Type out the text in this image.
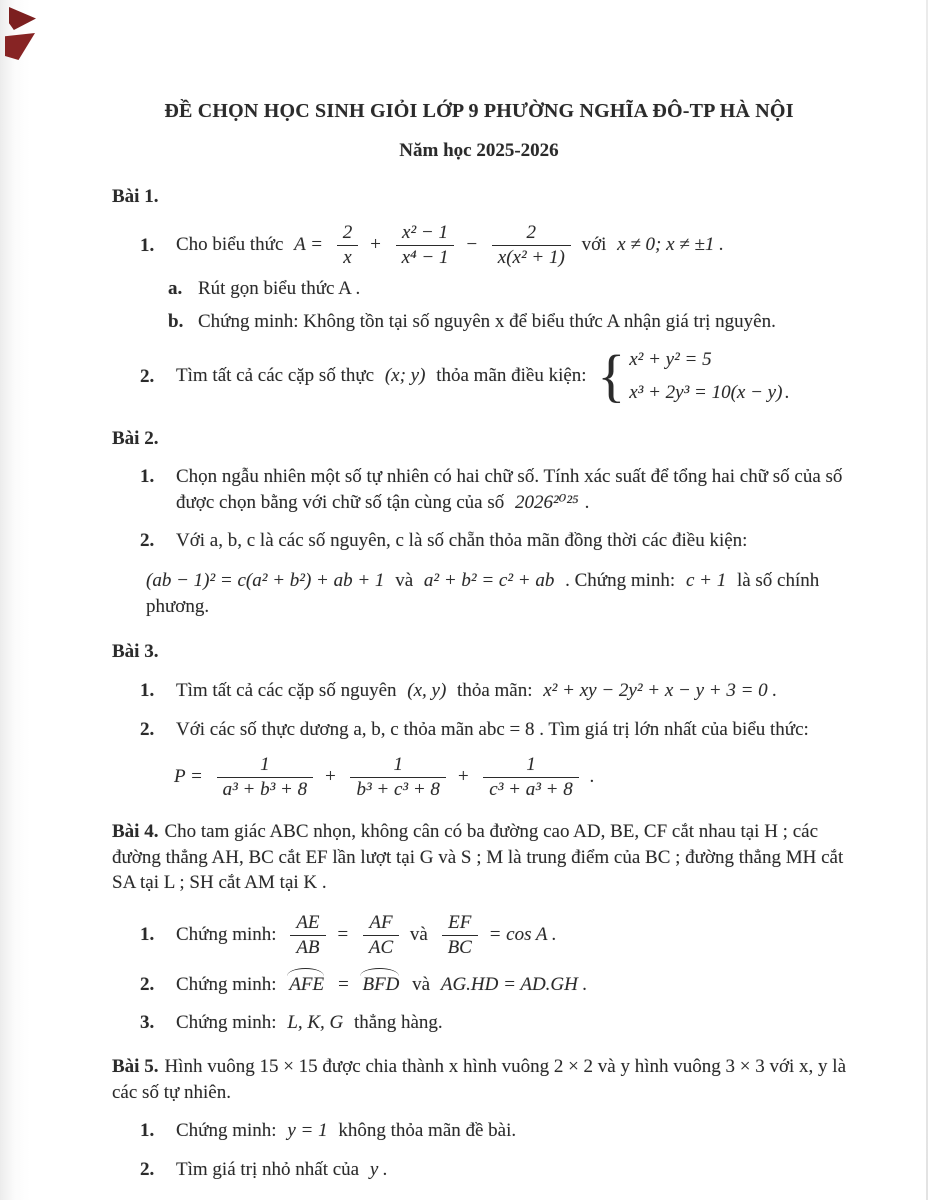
ĐỀ CHỌN HỌC SINH GIỎI LỚP 9 PHƯỜNG NGHĨA ĐÔ-TP HÀ NỘI
Năm học 2025-2026
Bài 1.
1.	Cho biểu thức $A = \frac{2}{x} + \frac{\text{x² − 1}}{\text{x⁴ − 1}} - \frac{2}{\text{x(x² + 1)}}$ với x ≠ 0; x ≠ ±1 .
a. Rút gọn biểu thức A .
b. Chứng minh: Không tồn tại số nguyên x để biểu thức A nhận giá trị nguyên.
2.	Tìm tất cả các cặp số thực (x; y) thỏa mãn điều kiện: { x² + y² = 5
x³ + 2y³ = 10(x − y) .
Bài 2.
1.	Chọn ngẫu nhiên một số tự nhiên có hai chữ số. Tính xác suất để tổng hai chữ số của số được chọn bằng với chữ số tận cùng của số 2026²⁰²⁵ .
2.	Với a, b, c là các số nguyên, c là số chẵn thỏa mãn đồng thời các điều kiện:
(ab − 1)² = c(a² + b²) + ab + 1 và a² + b² = c² + ab . Chứng minh: c + 1 là số chính phương.
Bài 3.
1.	Tìm tất cả các cặp số nguyên (x, y) thỏa mãn: x² + xy − 2y² + x − y + 3 = 0 .
2.	Với các số thực dương a, b, c thỏa mãn abc = 8 . Tìm giá trị lớn nhất của biểu thức:
$P = \frac{1}{\text{a³ + b³ + 8}} + \frac{1}{\text{b³ + c³ + 8}} + \frac{1}{\text{c³ + a³ + 8}}$ .

Bài 4. Cho tam giác ABC nhọn, không cân có ba đường cao AD, BE, CF cắt nhau tại H ; các đường thẳng AH, BC cắt EF lần lượt tại G và S ; M là trung điểm của BC ; đường thẳng MH cắt SA tại L ; SH cắt AM tại K .

1.	Chứng minh: $\frac{AE}{AB} = \frac{AF}{AC}$ và $\frac{EF}{BC} = \cos A$ .
2.	Chứng minh: AFE = BFD và AG.HD = AD.GH .
3.	Chứng minh: L, K, G thẳng hàng.

Bài 5. Hình vuông 15 × 15 được chia thành x hình vuông 2 × 2 và y hình vuông 3 × 3 với x, y là các số tự nhiên.

1.	Chứng minh: y = 1 không thỏa mãn đề bài.
2.	Tìm giá trị nhỏ nhất của y .
